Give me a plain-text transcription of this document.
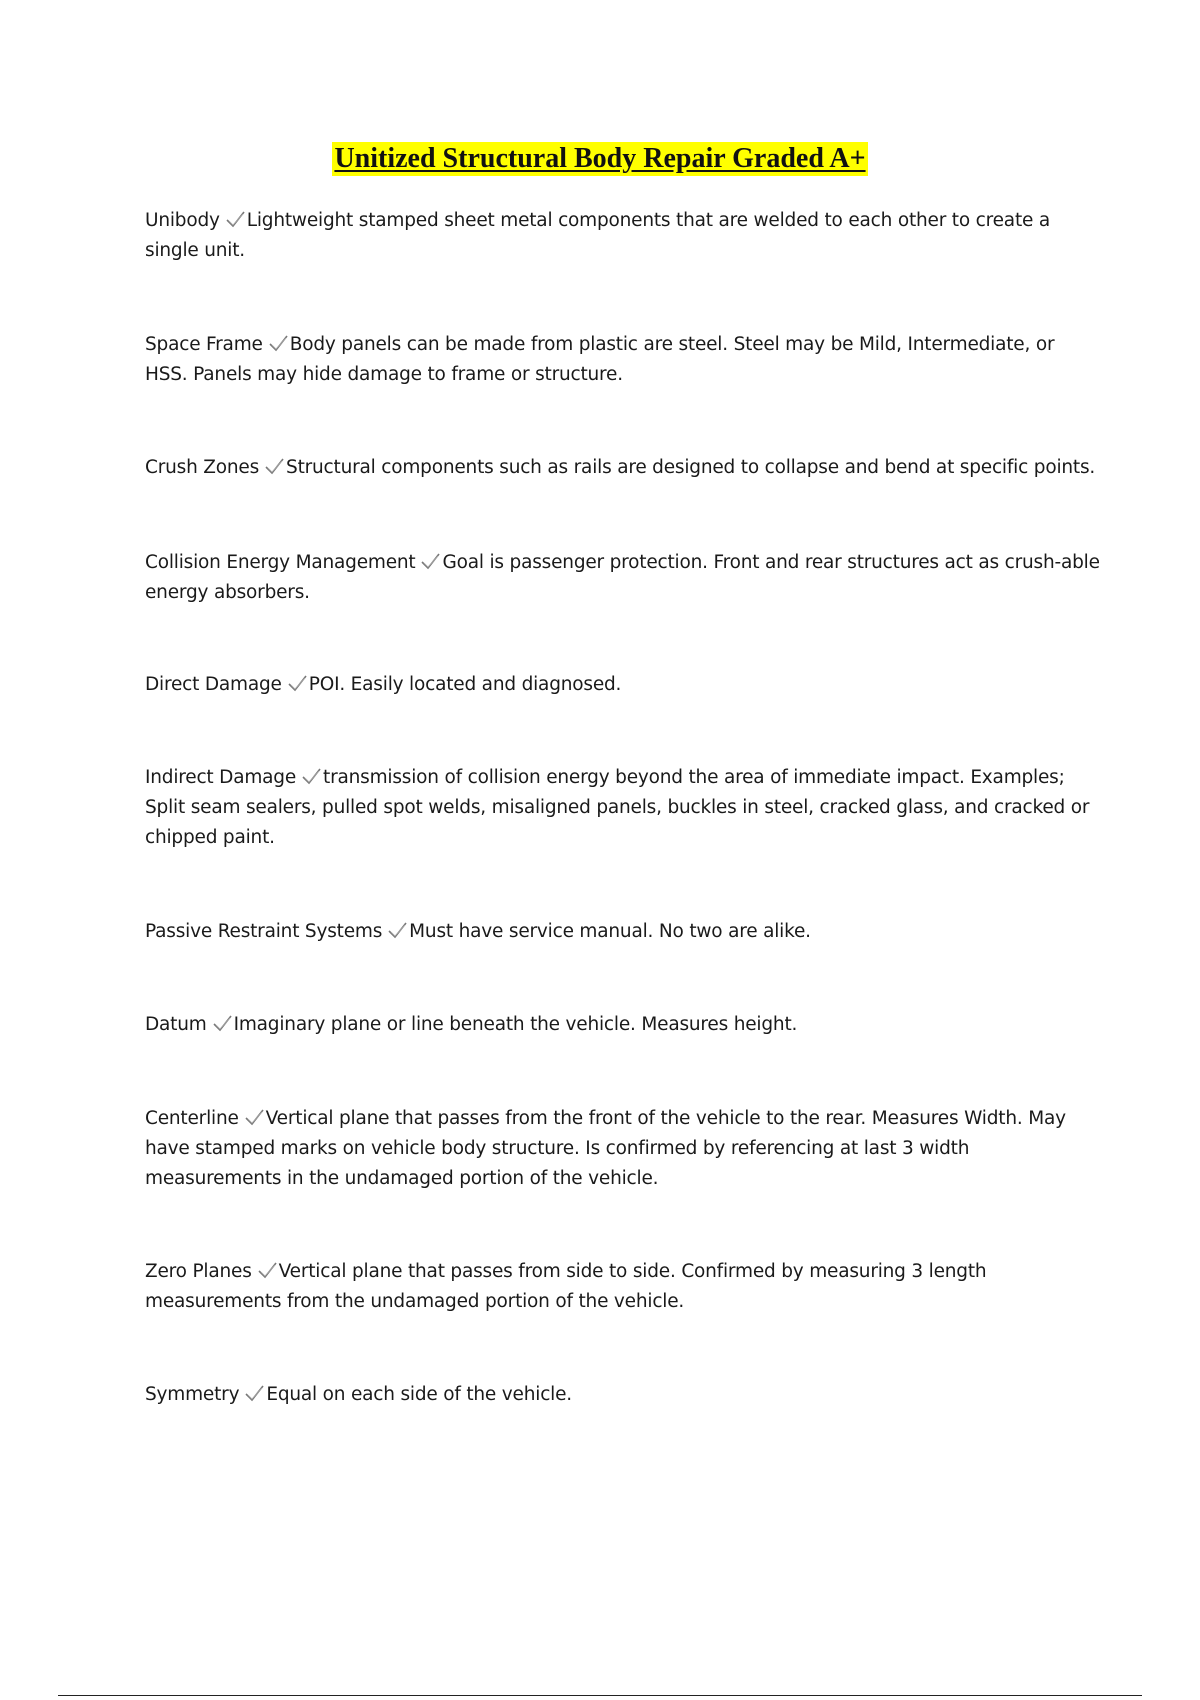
Unitized Structural Body Repair Graded A+
Unibody Lightweight stamped sheet metal components that are welded to each other to create a single unit.
Space Frame Body panels can be made from plastic are steel. Steel may be Mild, Intermediate, or HSS. Panels may hide damage to frame or structure.
Crush Zones Structural components such as rails are designed to collapse and bend at specific points.
Collision Energy Management Goal is passenger protection. Front and rear structures act as crush-able energy absorbers.
Direct Damage POI. Easily located and diagnosed.
Indirect Damage transmission of collision energy beyond the area of immediate impact. Examples; Split seam sealers, pulled spot welds, misaligned panels, buckles in steel, cracked glass, and cracked or chipped paint.
Passive Restraint Systems Must have service manual. No two are alike.
Datum Imaginary plane or line beneath the vehicle. Measures height.
Centerline Vertical plane that passes from the front of the vehicle to the rear. Measures Width. May have stamped marks on vehicle body structure. Is confirmed by referencing at last 3 width measurements in the undamaged portion of the vehicle.
Zero Planes Vertical plane that passes from side to side. Confirmed by measuring 3 length measurements from the undamaged portion of the vehicle.
Symmetry Equal on each side of the vehicle.
